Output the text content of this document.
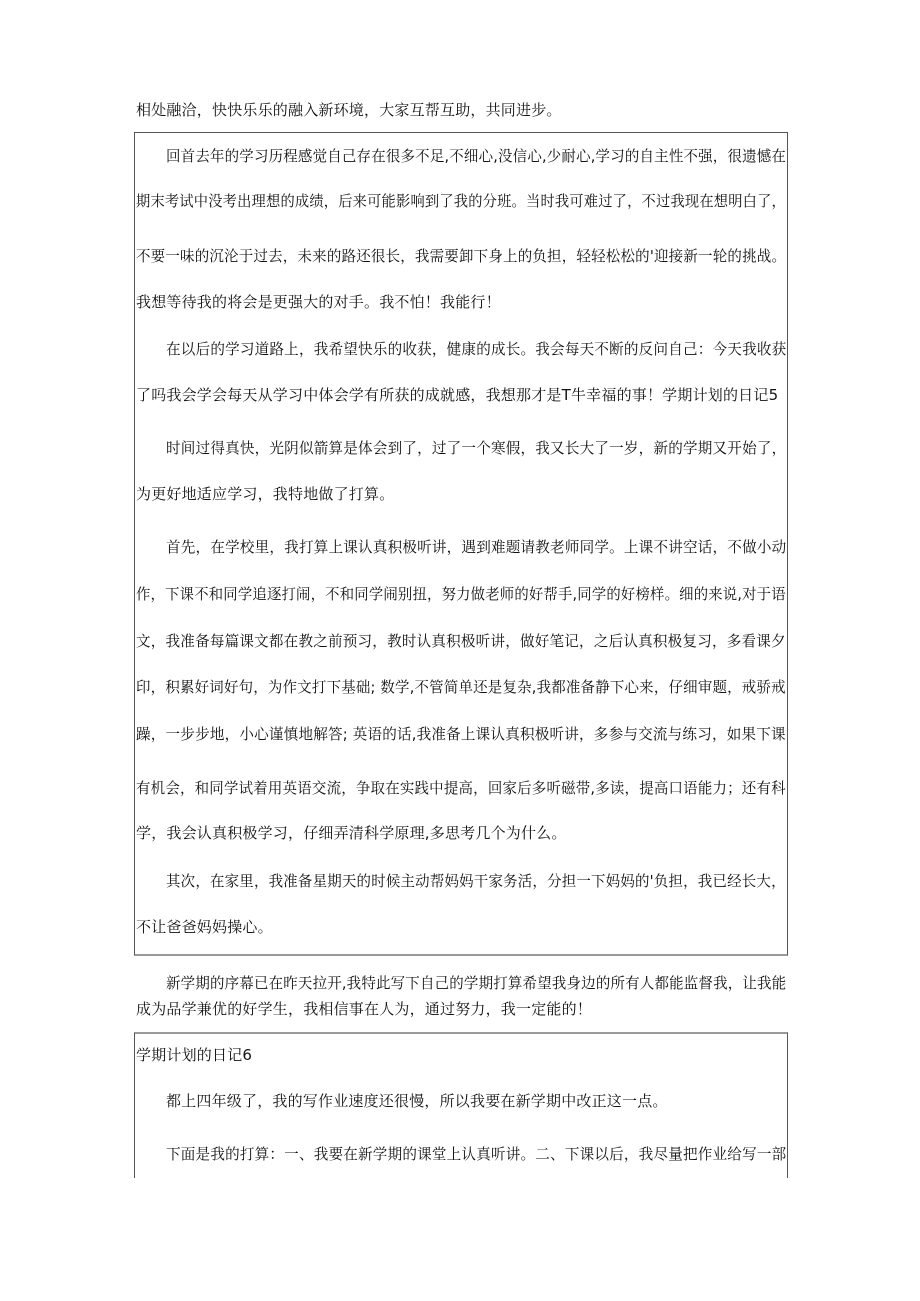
相处融洽，快快乐乐的融入新环境，大家互帮互助，共同进步。
回首去年的学习历程感觉自己存在很多不足,不细心,没信心,少耐心,学习的自主性不强，很遗憾在
期末考试中没考出理想的成绩，后来可能影响到了我的分班。当时我可难过了，不过我现在想明白了，
不要一味的沉沦于过去，未来的路还很长，我需要卸下身上的负担，轻轻松松的'迎接新一轮的挑战。
我想等待我的将会是更强大的对手。我不怕！我能行！
在以后的学习道路上，我希望快乐的收获，健康的成长。我会每天不断的反问自己：今天我收获
了吗我会学会每天从学习中体会学有所获的成就感，我想那才是T牛幸福的事！学期计划的日记5
时间过得真快，光阴似箭算是体会到了，过了一个寒假，我又长大了一岁，新的学期又开始了，
为更好地适应学习，我特地做了打算。
首先，在学校里，我打算上课认真积极听讲，遇到难题请教老师同学。上课不讲空话，不做小动
作，下课不和同学追逐打闹，不和同学闹别扭，努力做老师的好帮手,同学的好榜样。细的来说,对于语
文，我准备每篇课文都在教之前预习，教时认真积极听讲，做好笔记，之后认真积极复习，多看课夕
印，积累好词好句，为作文打下基础; 数学,不管简单还是复杂,我都准备静下心来，仔细审题，戒骄戒
躁，一步步地，小心谨慎地解答; 英语的话,我准备上课认真积极听讲，多参与交流与练习，如果下课
有机会，和同学试着用英语交流，争取在实践中提高，回家后多听磁带,多读，提高口语能力；还有科
学，我会认真积极学习，仔细弄清科学原理,多思考几个为什么。
其次，在家里，我准备星期天的时候主动帮妈妈干家务活，分担一下妈妈的'负担，我已经长大，
不让爸爸妈妈操心。
新学期的序幕已在昨天拉开,我特此写下自己的学期打算希望我身边的所有人都能监督我，让我能
成为品学兼优的好学生，我相信事在人为，通过努力，我一定能的！
学期计划的日记6
都上四年级了，我的写作业速度还很慢，所以我要在新学期中改正这一点。
下面是我的打算：一、我要在新学期的课堂上认真听讲。二、下课以后，我尽量把作业给写一部
